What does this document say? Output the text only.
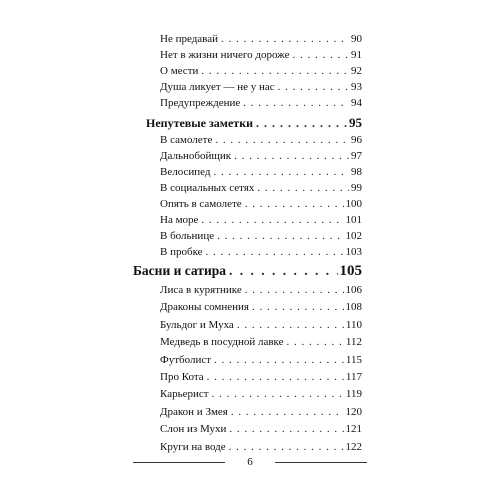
Не предавай . . .	90
Нет в жизни ничего дороже . . .	91
О мести . . .	92
Душа ликует — не у нас . . .	93
Предупреждение . . .	94
Непутевые заметки . . .	95
В самолете . . .	96
Дальнобойщик . . .	97
Велосипед . . .	98
В социальных сетях . . .	99
Опять в самолете . . .	100
На море . . .	101
В больнице . . .	102
В пробке . . .	103
Басни и сатира . . .	105
Лиса в курятнике . . .	106
Драконы сомнения . . .	108
Бульдог и Муха . . .	110
Медведь в посудной лавке . . .	112
Футболист . . .	115
Про Кота . . .	117
Карьерист . . .	119
Дракон и Змея . . .	120
Слон из Мухи . . .	121
Круги на воде . . .	122
6
